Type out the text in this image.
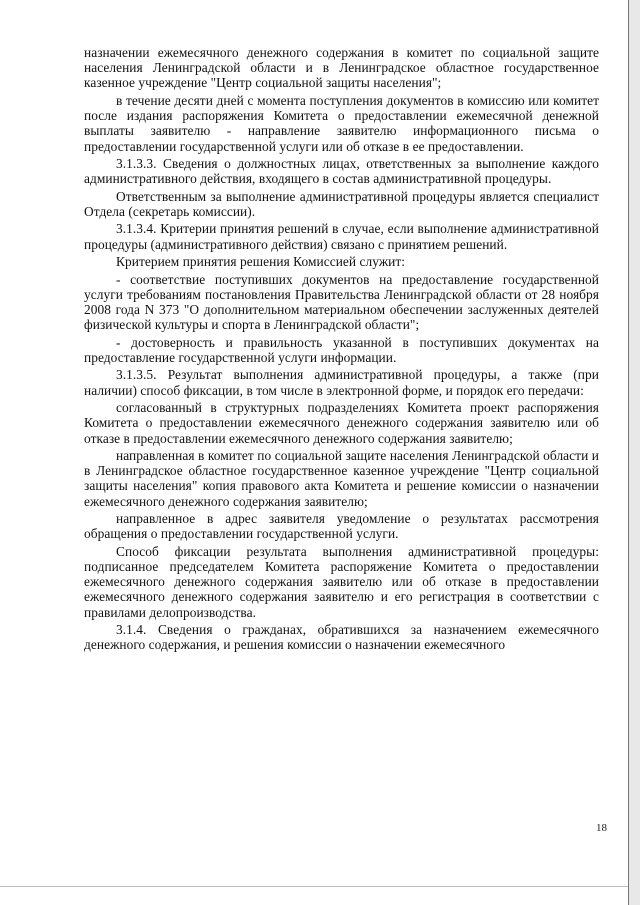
назначении ежемесячного денежного содержания в комитет по социальной защите населения Ленинградской области и в Ленинградское областное государственное казенное учреждение "Центр социальной защиты населения";

в течение десяти дней с момента поступления документов в комиссию или комитет после издания распоряжения Комитета о предоставлении ежемесячной денежной выплаты заявителю - направление заявителю информационного письма о предоставлении государственной услуги или об отказе в ее предоставлении.

3.1.3.3. Сведения о должностных лицах, ответственных за выполнение каждого административного действия, входящего в состав административной процедуры.

Ответственным за выполнение административной процедуры является специалист Отдела (секретарь комиссии).

3.1.3.4. Критерии принятия решений в случае, если выполнение административной процедуры (административного действия) связано с принятием решений.

Критерием принятия решения Комиссией служит:

- соответствие поступивших документов на предоставление государственной услуги требованиям постановления Правительства Ленинградской области от 28 ноября 2008 года N 373 "О дополнительном материальном обеспечении заслуженных деятелей физической культуры и спорта в Ленинградской области";

- достоверность и правильность указанной в поступивших документах на предоставление государственной услуги информации.

3.1.3.5. Результат выполнения административной процедуры, а также (при наличии) способ фиксации, в том числе в электронной форме, и порядок его передачи:

согласованный в структурных подразделениях Комитета проект распоряжения Комитета о предоставлении ежемесячного денежного содержания заявителю или об отказе в предоставлении ежемесячного денежного содержания заявителю;

направленная в комитет по социальной защите населения Ленинградской области и в Ленинградское областное государственное казенное учреждение "Центр социальной защиты населения" копия правового акта Комитета и решение комиссии о назначении ежемесячного денежного содержания заявителю;

направленное в адрес заявителя уведомление о результатах рассмотрения обращения о предоставлении государственной услуги.

Способ фиксации результата выполнения административной процедуры: подписанное председателем Комитета распоряжение Комитета о предоставлении ежемесячного денежного содержания заявителю или об отказе в предоставлении ежемесячного денежного содержания заявителю и его регистрация в соответствии с правилами делопроизводства.

3.1.4. Сведения о гражданах, обратившихся за назначением ежемесячного денежного содержания, и решения комиссии о назначении ежемесячного

18
